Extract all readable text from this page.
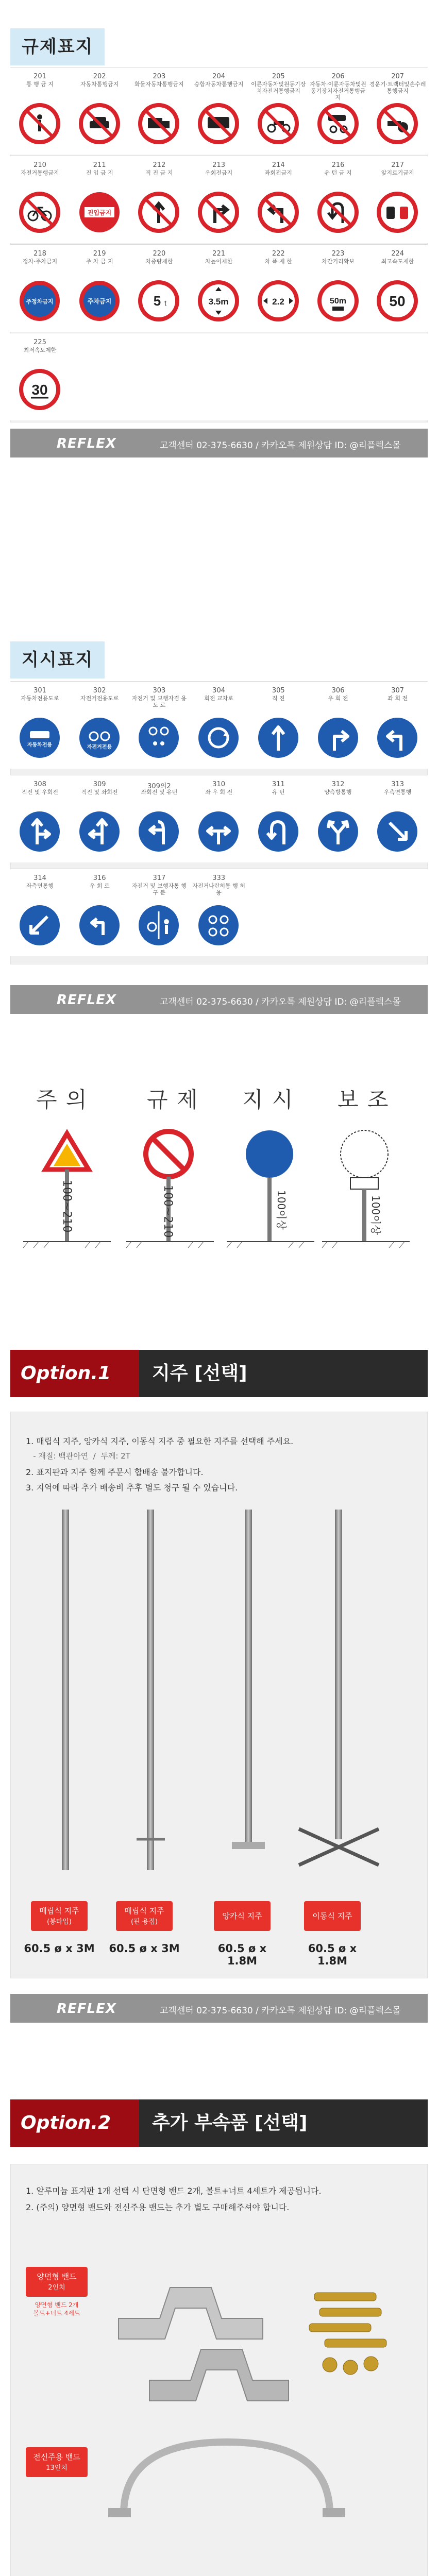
규제표지
201
통 행 금 지
202
자동차통행금지
203
화물자동차통행금지
204
승합자동차통행금지
205
이륜자동차및원동기장치자전거통행금지
206
자동차·이륜자동차및원동기장치자전거통행금지
207
경운기·트랙터및손수레통행금지
210
자전거통행금지
211
진 입 금 지
진입금지
212
직 진 금 지
213
우회전금지
214
좌회전금지
216
유 턴 금 지
217
앞지르기금지
218
정차·주차금지
주정차금지
219
주 차 금 지
주차금지
220
차중량제한
5 t
221
차높이제한
3.5m
222
차 폭 제 한
2.2
223
차간거리확보
50m
224
최고속도제한
50
225
최저속도제한
30
REFLEX	고객센터 02-375-6630 / 카카오톡 제원상담 ID: @리플렉스몰
지시표지
301
자동차전용도로
자동차전용
302
자전거전용도로
자전거전용
303
자전거 및 보행자겸 용 도 로
304
회전 교차로
305
직 진
306
우 회 전
307
좌 회 전
308
직진 및 우회전
309
직진 및 좌회전
309의2
좌회전 및 유턴
310
좌 우 회 전
311
유 턴
312
양측방통행
313
우측면통행
314
좌측면통행
316
우 회 로
317
자전거 및 보행자통 행 구 분
333
자전거나란히통 행 허 용
REFLEX	고객센터 02-375-6630 / 카카오톡 제원상담 ID: @리플렉스몰
주 의	규 제 지 시 보 조
100~210	100~210	100이상	100이상
Option.1 지주 [선택]
1. 매립식 지주, 앙카식 지주, 이동식 지주 중 필요한 지주를 선택해 주세요.
- 재질: 백관아연  /  두께: 2T
2. 표지판과 지주 함께 주문시 합배송 불가합니다.
3. 지역에 따라 추가 배송비 추후 별도 청구 될 수 있습니다.
매립식 지주
(봉타입)
60.5 ø x 3M
매립식 지주
(핀 용접)
60.5 ø x 3M
앙카식 지주
60.5 ø x 1.8M
이동식 지주
60.5 ø x 1.8M
REFLEX	고객센터 02-375-6630 / 카카오톡 제원상담 ID: @리플렉스몰
Option.2 추가 부속품 [선택]
1. 알루미늄 표지판 1개 선택 시 단면형 밴드 2개, 볼트+너트 4세트가 제공됩니다.
2. (주의) 양면형 밴드와 전신주용 밴드는 추가 별도 구매해주셔야 합니다.
양면형 밴드
2인치
양면형 밴드 2개
볼트+너트 4세트
전신주용 밴드
13인치
